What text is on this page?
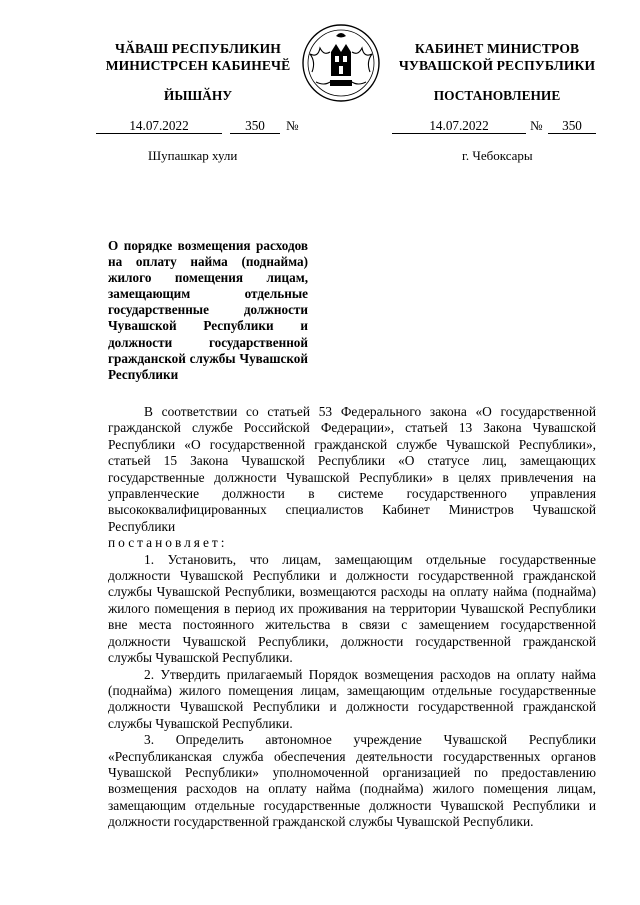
ЧӐВАШ РЕСПУБЛИКИН
МИНИСТРСЕН КАБИНЕЧӖ
ЙЫШӐНУ
КАБИНЕТ МИНИСТРОВ
ЧУВАШСКОЙ РЕСПУБЛИКИ
ПОСТАНОВЛЕНИЕ
14.07.2022	350	№	14.07.2022	№	350
Шупашкар хули	г. Чебоксары
О порядке возмещения расходов на оплату найма (поднайма) жилого помещения лицам, замещающим отдельные государственные должности Чувашской Республики и должности государственной гражданской службы Чувашской Республики

В соответствии со статьей 53 Федерального закона «О государственной гражданской службе Российской Федерации», статьей 13 Закона Чувашской Республики «О государственной гражданской службе Чувашской Республики», статьей 15 Закона Чувашской Республики «О статусе лиц, замещающих государственные должности Чувашской Республики» в целях привлечения на управленческие должности в системе государственного управления высококвалифицированных специалистов Кабинет Министров Чувашской Республики

постановляет:

1. Установить, что лицам, замещающим отдельные государственные должности Чувашской Республики и должности государственной гражданской службы Чувашской Республики, возмещаются расходы на оплату найма (поднайма) жилого помещения в период их проживания на территории Чувашской Республики вне места постоянного жительства в связи с замещением государственной должности Чувашской Республики, должности государственной гражданской службы Чувашской Республики.

2. Утвердить прилагаемый Порядок возмещения расходов на оплату найма (поднайма) жилого помещения лицам, замещающим отдельные государственные должности Чувашской Республики и должности государственной гражданской службы Чувашской Республики.

3. Определить автономное учреждение Чувашской Республики «Республиканская служба обеспечения деятельности государственных органов Чувашской Республики» уполномоченной организацией по предоставлению возмещения расходов на оплату найма (поднайма) жилого помещения лицам, замещающим отдельные государственные должности Чувашской Республики и должности государственной гражданской службы Чувашской Республики.
